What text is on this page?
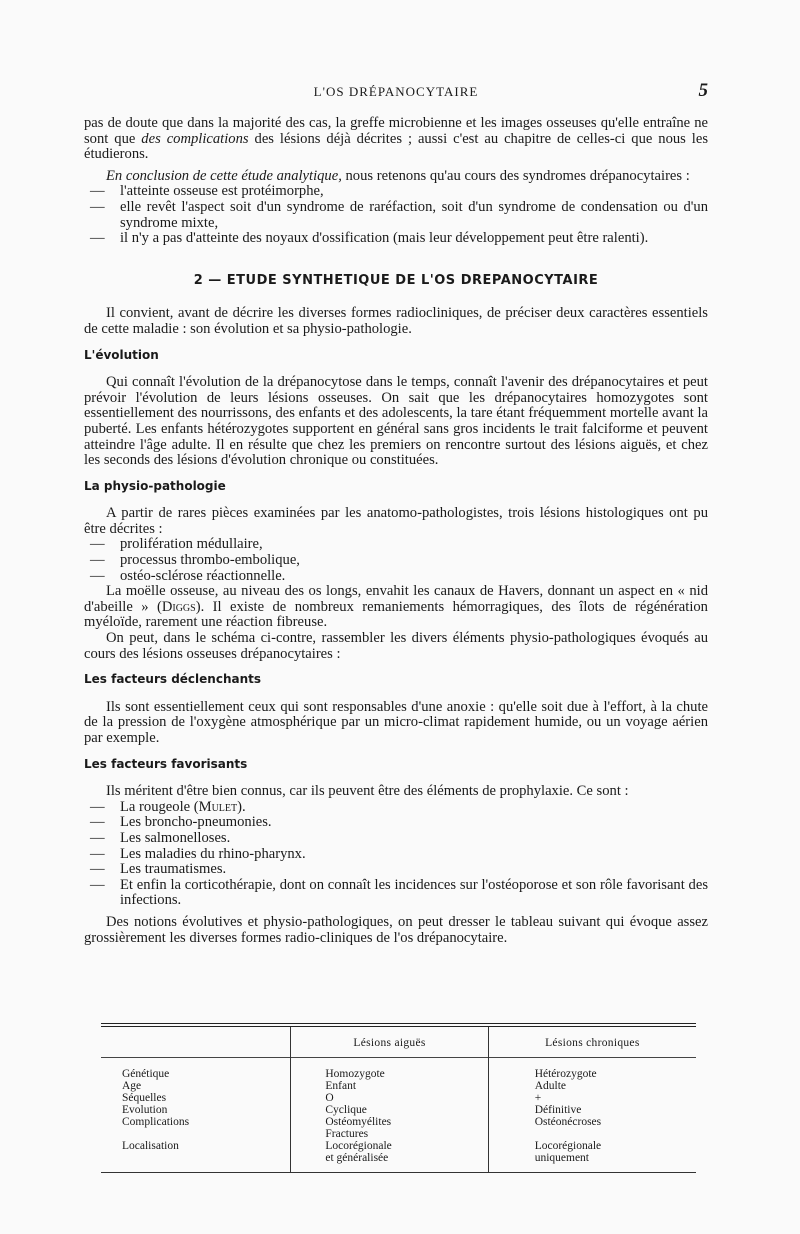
L'OS DRÉPANOCYTAIRE	5

pas de doute que dans la majorité des cas, la greffe microbienne et les images osseuses qu'elle entraîne ne sont que des complications des lésions déjà décrites ; aussi c'est au chapitre de celles-ci que nous les étudierons.

En conclusion de cette étude analytique, nous retenons qu'au cours des syndromes drépanocytaires :

— l'atteinte osseuse est protéimorphe,
— elle revêt l'aspect soit d'un syndrome de raréfaction, soit d'un syndrome de condensation ou d'un syndrome mixte,
— il n'y a pas d'atteinte des noyaux d'ossification (mais leur développement peut être ralenti).
2 — ETUDE SYNTHETIQUE DE L'OS DREPANOCYTAIRE

Il convient, avant de décrire les diverses formes radiocliniques, de préciser deux caractères essentiels de cette maladie : son évolution et sa physio-pathologie.

L'évolution

Qui connaît l'évolution de la drépanocytose dans le temps, connaît l'avenir des drépanocytaires et peut prévoir l'évolution de leurs lésions osseuses. On sait que les drépanocytaires homozygotes sont essentiellement des nourrissons, des enfants et des adolescents, la tare étant fréquemment mortelle avant la puberté. Les enfants hétérozygotes supportent en général sans gros incidents le trait falciforme et peuvent atteindre l'âge adulte. Il en résulte que chez les premiers on rencontre surtout des lésions aiguës, et chez les seconds des lésions d'évolution chronique ou constituées.

La physio-pathologie

A partir de rares pièces examinées par les anatomo-pathologistes, trois lésions histologiques ont pu être décrites :

— prolifération médullaire,
— processus thrombo-embolique,
— ostéo-sclérose réactionnelle.

La moëlle osseuse, au niveau des os longs, envahit les canaux de Havers, donnant un aspect en « nid d'abeille » (Diggs). Il existe de nombreux remaniements hémorragiques, des îlots de régénération myéloïde, rarement une réaction fibreuse.

On peut, dans le schéma ci-contre, rassembler les divers éléments physio-pathologiques évoqués au cours des lésions osseuses drépanocytaires :

Les facteurs déclenchants

Ils sont essentiellement ceux qui sont responsables d'une anoxie : qu'elle soit due à l'effort, à la chute de la pression de l'oxygène atmosphérique par un micro-climat rapidement humide, ou un voyage aérien par exemple.

Les facteurs favorisants

Ils méritent d'être bien connus, car ils peuvent être des éléments de prophylaxie. Ce sont :

— La rougeole (Mulet).
— Les broncho-pneumonies.
— Les salmonelloses.
— Les maladies du rhino-pharynx.
— Les traumatismes.
— Et enfin la corticothérapie, dont on connaît les incidences sur l'ostéoporose et son rôle favorisant des infections.

Des notions évolutives et physio-pathologiques, on peut dresser le tableau suivant qui évoque assez grossièrement les diverses formes radio-cliniques de l'os drépanocytaire.

Génétique
Age
Séquelles
Evolution
Complications
Localisation
Lésions aiguës
Homozygote
Enfant
O
Cyclique
Ostéomyélites
Fractures
Locorégionale
et généralisée
Lésions chroniques
Hétérozygote
Adulte
+
Définitive
Ostéonécroses
Locorégionale
uniquement
